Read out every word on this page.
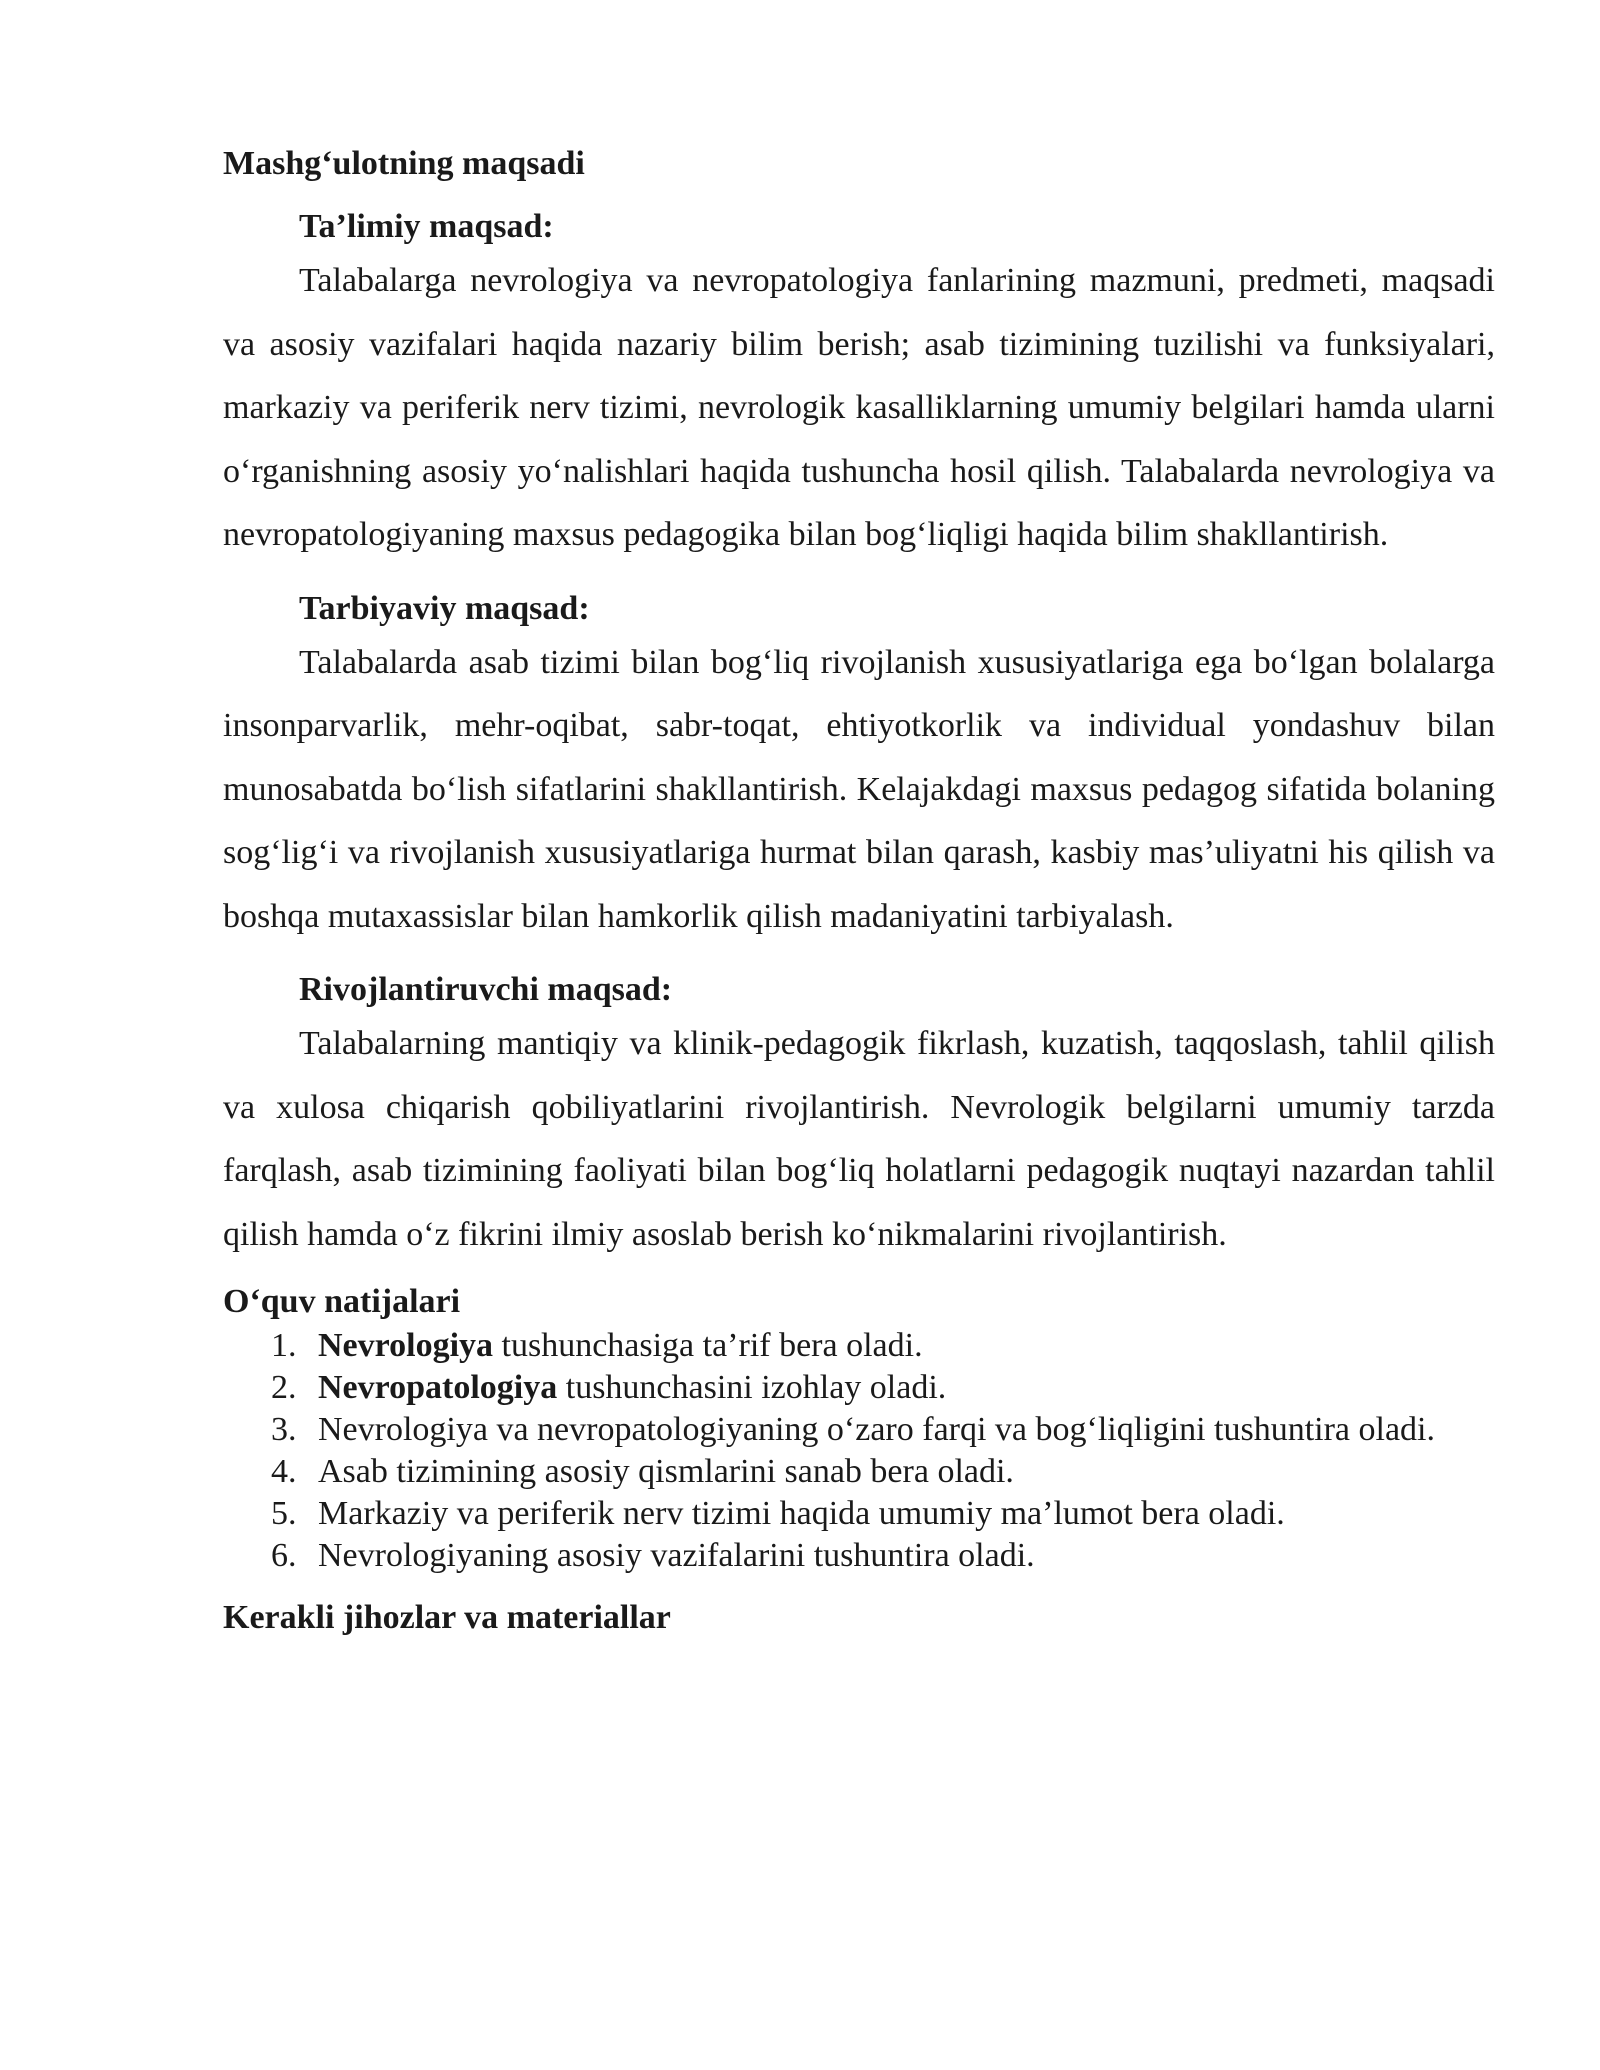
Mashg‘ulotning maqsadi
Ta’limiy maqsad:

Talabalarga nevrologiya va nevropatologiya fanlarining mazmuni, predmeti, maqsadi va asosiy vazifalari haqida nazariy bilim berish; asab tizimining tuzilishi va funksiyalari, markaziy va periferik nerv tizimi, nevrologik kasalliklarning umumiy belgilari hamda ularni o‘rganishning asosiy yo‘nalishlari haqida tushuncha hosil qilish. Talabalarda nevrologiya va nevropatologiyaning maxsus pedagogika bilan bog‘liqligi haqida bilim shakllantirish.

Tarbiyaviy maqsad:

Talabalarda asab tizimi bilan bog‘liq rivojlanish xususiyatlariga ega bo‘lgan bolalarga insonparvarlik, mehr-oqibat, sabr-toqat, ehtiyotkorlik va individual yondashuv bilan munosabatda bo‘lish sifatlarini shakllantirish. Kelajakdagi maxsus pedagog sifatida bolaning sog‘lig‘i va rivojlanish xususiyatlariga hurmat bilan qarash, kasbiy mas’uliyatni his qilish va boshqa mutaxassislar bilan hamkorlik qilish madaniyatini tarbiyalash.

Rivojlantiruvchi maqsad:

Talabalarning mantiqiy va klinik-pedagogik fikrlash, kuzatish, taqqoslash, tahlil qilish va xulosa chiqarish qobiliyatlarini rivojlantirish. Nevrologik belgilarni umumiy tarzda farqlash, asab tizimining faoliyati bilan bog‘liq holatlarni pedagogik nuqtayi nazardan tahlil qilish hamda o‘z fikrini ilmiy asoslab berish ko‘nikmalarini rivojlantirish.

O‘quv natijalari
1. Nevrologiya tushunchasiga ta’rif bera oladi.
2. Nevropatologiya tushunchasini izohlay oladi.
3. Nevrologiya va nevropatologiyaning o‘zaro farqi va bog‘liqligini tushuntira oladi.
4. Asab tizimining asosiy qismlarini sanab bera oladi.
5. Markaziy va periferik nerv tizimi haqida umumiy ma’lumot bera oladi.
6. Nevrologiyaning asosiy vazifalarini tushuntira oladi.
Kerakli jihozlar va materiallar
